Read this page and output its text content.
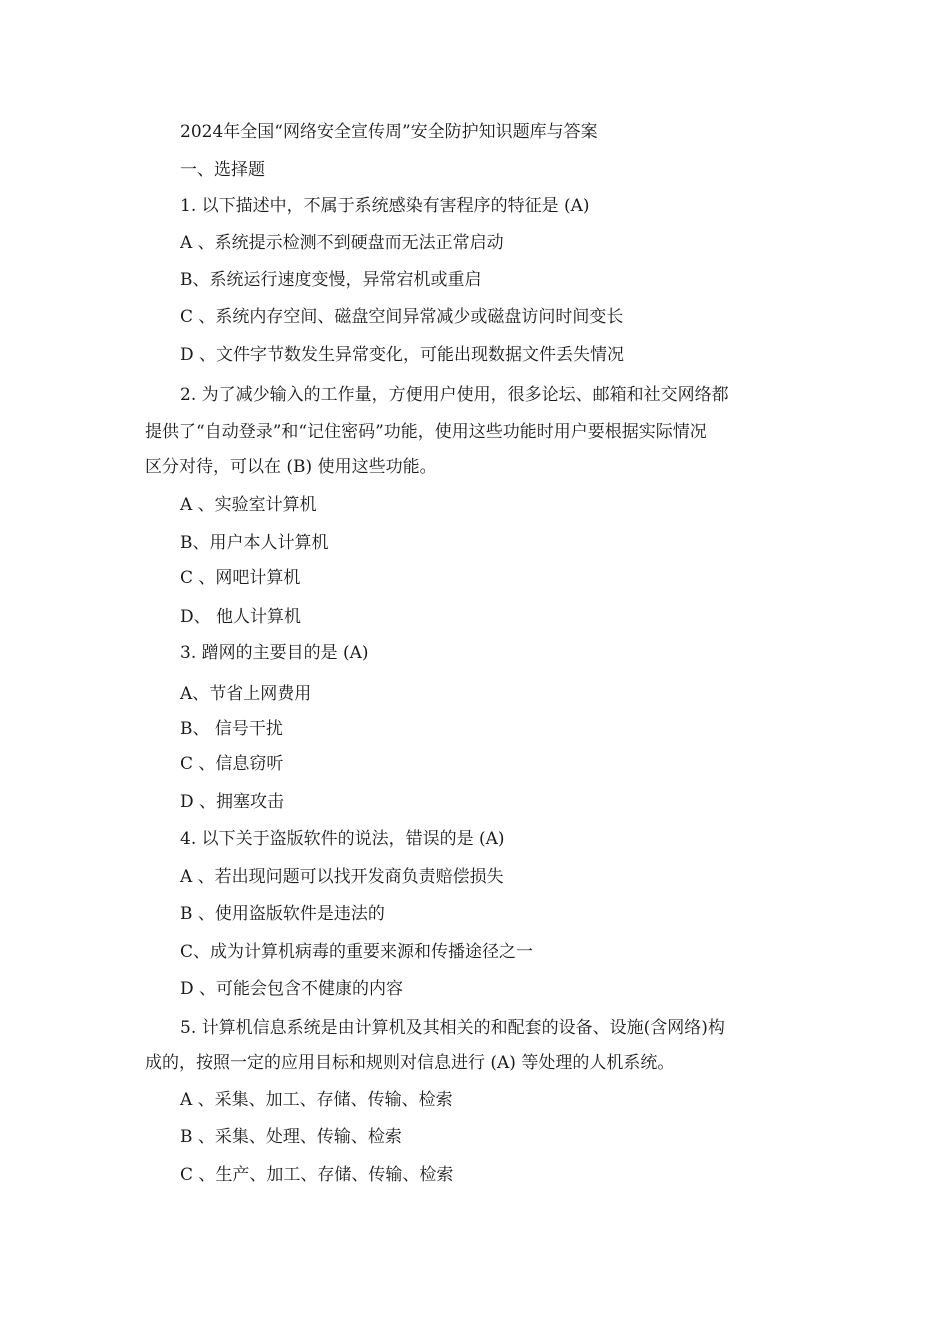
2024年全国“网络安全宣传周”安全防护知识题库与答案
一、选择题
1. 以下描述中，不属于系统感染有害程序的特征是 (A)
A 、系统提示检测不到硬盘而无法正常启动
B、系统运行速度变慢，异常宕机或重启
C 、系统内存空间、磁盘空间异常减少或磁盘访问时间变长
D 、文件字节数发生异常变化，可能出现数据文件丢失情况
2. 为了减少输入的工作量，方便用户使用，很多论坛、邮箱和社交网络都
提供了“自动登录”和“记住密码”功能，使用这些功能时用户要根据实际情况
区分对待，可以在 (B) 使用这些功能。
A 、实验室计算机
B、用户本人计算机
C 、网吧计算机
D、 他人计算机
3. 蹭网的主要目的是 (A)
A、节省上网费用
B、 信号干扰
C 、信息窃听
D 、拥塞攻击
4. 以下关于盗版软件的说法，错误的是 (A)
A 、若出现问题可以找开发商负责赔偿损失
B 、使用盗版软件是违法的
C、成为计算机病毒的重要来源和传播途径之一
D 、可能会包含不健康的内容
5. 计算机信息系统是由计算机及其相关的和配套的设备、设施(含网络)构
成的，按照一定的应用目标和规则对信息进行 (A) 等处理的人机系统。
A 、采集、加工、存储、传输、检索
B 、采集、处理、传输、检索
C 、生产、加工、存储、传输、检索
